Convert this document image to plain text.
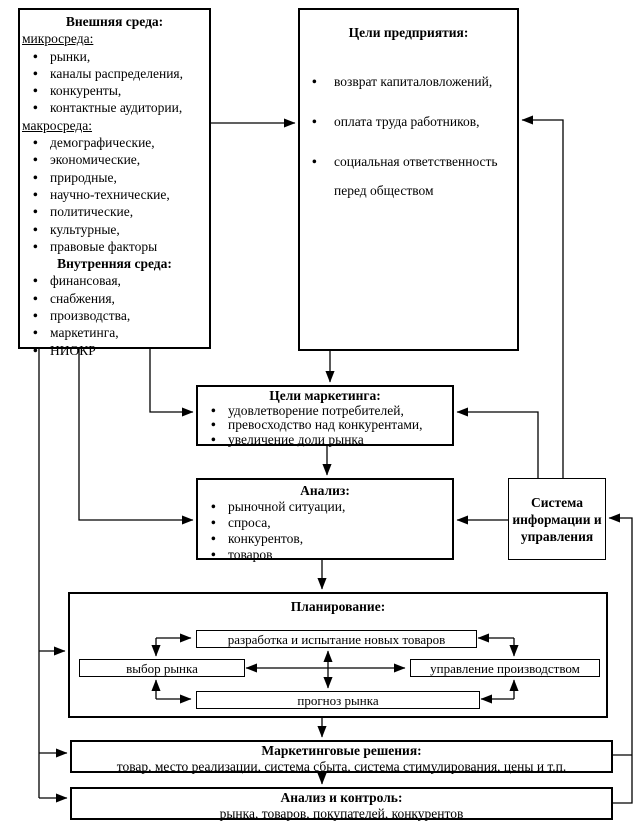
Внешняя среда:
микросреда:
• рынки,
• каналы распределения,
• конкуренты,
• контактные аудитории,
макросреда:
• демографические,
• экономические,
• природные,
• научно-технические,
• политические,
• культурные,
• правовые факторы
Внутренняя среда:
• финансовая,
• снабжения,
• производства,
• маркетинга,
• НИОКР
Цели предприятия:
• возврат капиталовложений,
• оплата труда работников,
• социальная ответственность перед обществом
Цели маркетинга:
• удовлетворение потребителей,
• превосходство над конкурентами,
• увеличение доли рынка
Анализ:
• рыночной ситуации,
• спроса,
• конкурентов,
• товаров
Система информации и управления
Планирование:
разработка и испытание новых товаров
выбор рынка	управление производством
прогноз рынка
Маркетинговые решения:
товар, место реализации, система сбыта, система стимулирования, цены и т.п.
Анализ и контроль:
рынка, товаров, покупателей, конкурентов
